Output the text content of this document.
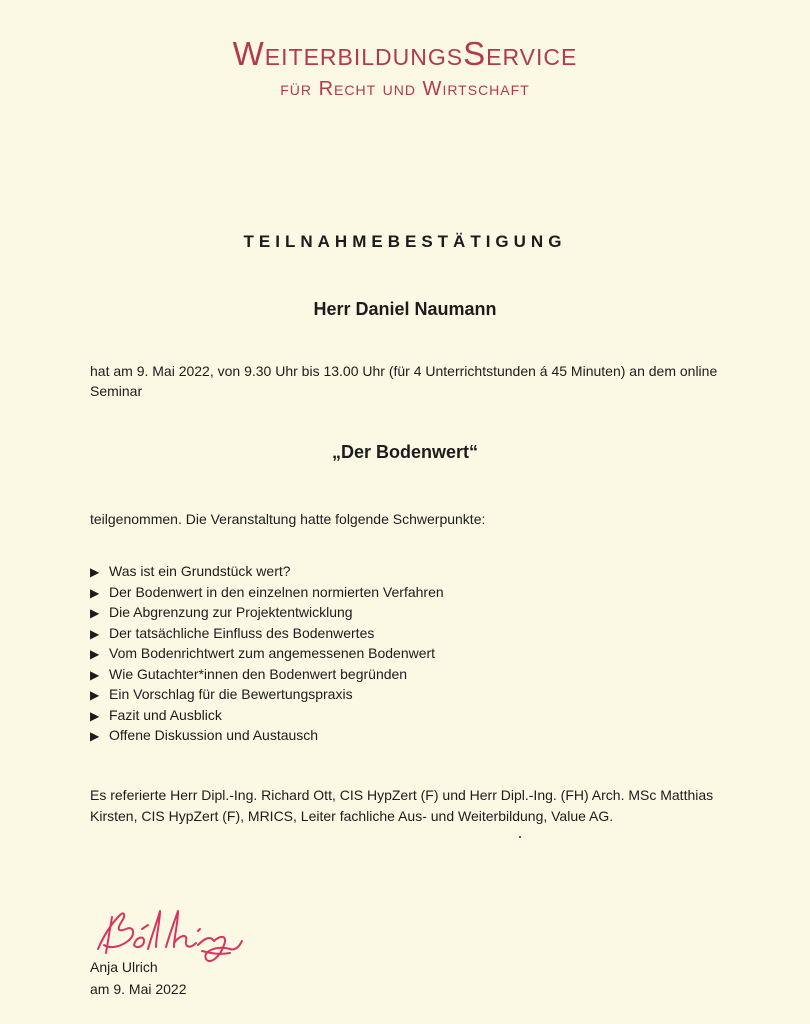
WeiterbildungsService
für Recht und Wirtschaft
TEILNAHMEBESTÄTIGUNG
Herr Daniel Naumann
hat am 9. Mai 2022, von 9.30 Uhr bis 13.00 Uhr (für 4 Unterrichtstunden á 45 Minuten) an dem online Seminar
„Der Bodenwert“
teilgenommen. Die Veranstaltung hatte folgende Schwerpunkte:
▶ Was ist ein Grundstück wert?
▶ Der Bodenwert in den einzelnen normierten Verfahren
▶ Die Abgrenzung zur Projektentwicklung
▶ Der tatsächliche Einfluss des Bodenwertes
▶ Vom Bodenrichtwert zum angemessenen Bodenwert
▶ Wie Gutachter*innen den Bodenwert begründen
▶ Ein Vorschlag für die Bewertungspraxis
▶ Fazit und Ausblick
▶ Offene Diskussion und Austausch
Es referierte Herr Dipl.-Ing. Richard Ott, CIS HypZert (F) und Herr Dipl.-Ing. (FH) Arch. MSc Matthias Kirsten, CIS HypZert (F), MRICS, Leiter fachliche Aus- und Weiterbildung, Value AG.
Anja Ulrich
am 9. Mai 2022
